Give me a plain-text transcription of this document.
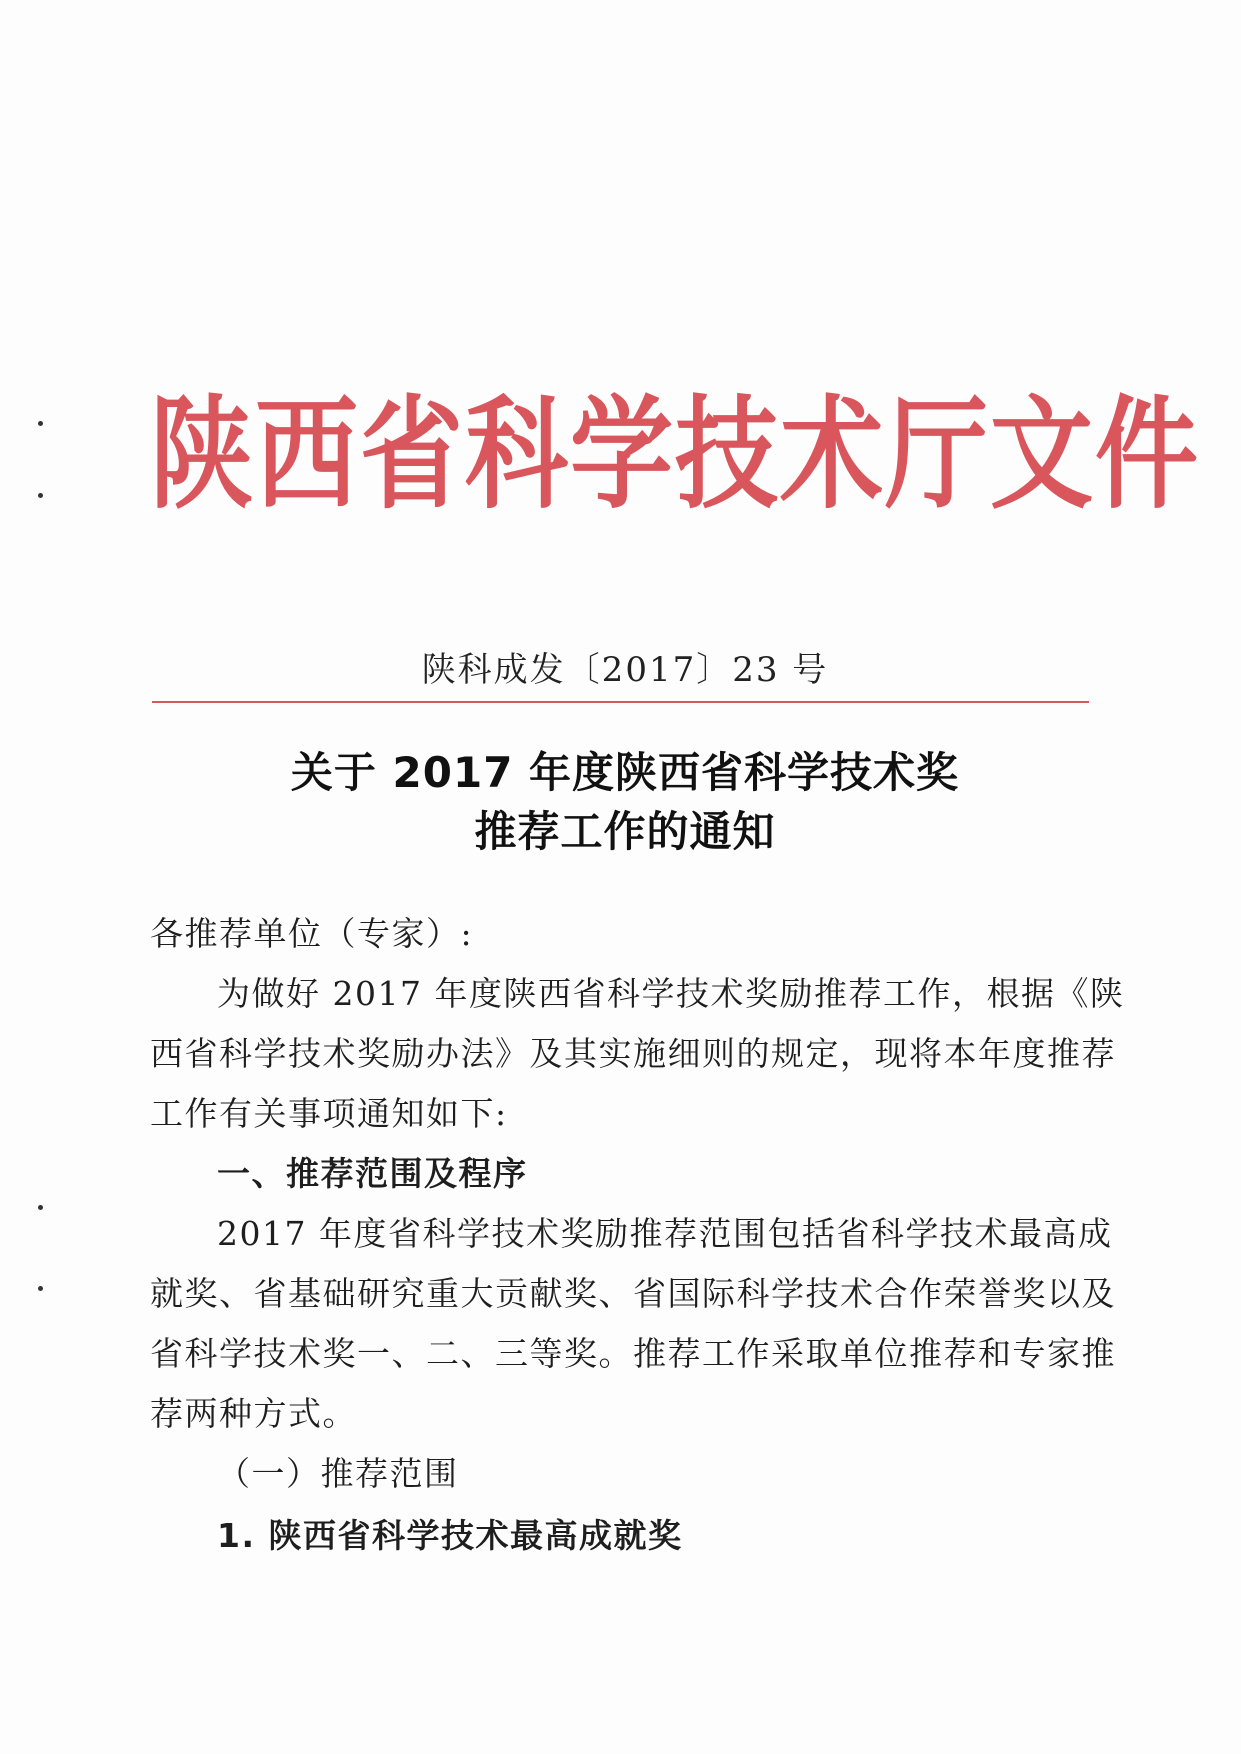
陕西省科学技术厅文件
陕科成发〔2017〕23 号
关于 2017 年度陕西省科学技术奖
推荐工作的通知
各推荐单位（专家）:
为做好 2017 年度陕西省科学技术奖励推荐工作，根据《陕
西省科学技术奖励办法》及其实施细则的规定，现将本年度推荐
工作有关事项通知如下:
一、推荐范围及程序
2017 年度省科学技术奖励推荐范围包括省科学技术最高成
就奖、省基础研究重大贡献奖、省国际科学技术合作荣誉奖以及
省科学技术奖一、二、三等奖。推荐工作采取单位推荐和专家推
荐两种方式。
（一）推荐范围
1. 陕西省科学技术最高成就奖
